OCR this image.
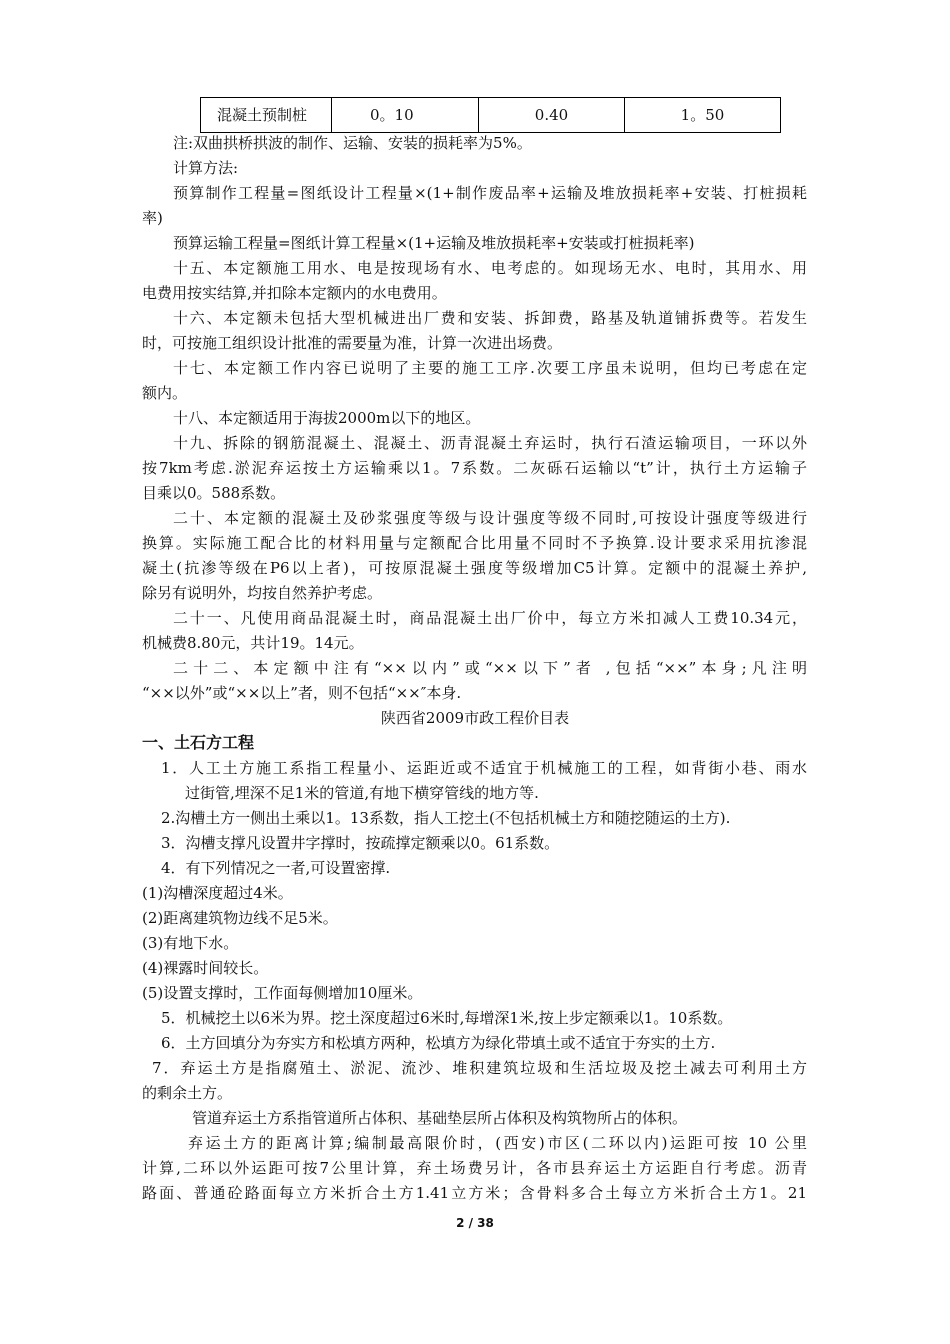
混凝土预制桩	0。10	0.40	1。50
注:双曲拱桥拱波的制作、运输、安装的损耗率为5%。
计算方法:
预算制作工程量=图纸设计工程量×(1+制作废品率+运输及堆放损耗率+安装、打桩损耗
率)
预算运输工程量=图纸计算工程量×(1+运输及堆放损耗率+安装或打桩损耗率)
十五、本定额施工用水、电是按现场有水、电考虑的。如现场无水、电时，其用水、用
电费用按实结算,并扣除本定额内的水电费用。
十六、本定额未包括大型机械进出厂费和安装、拆卸费，路基及轨道铺拆费等。若发生
时，可按施工组织设计批准的需要量为准，计算一次进出场费。
十七、本定额工作内容已说明了主要的施工工序.次要工序虽未说明，但均已考虑在定
额内。
十八、本定额适用于海拔2000m以下的地区。
十九、拆除的钢筋混凝土、混凝土、沥青混凝土弃运时，执行石渣运输项目，一环以外
按7km考虑.淤泥弃运按土方运输乘以1。7系数。二灰砾石运输以“t”计，执行土方运输子
目乘以0。588系数。
二十、本定额的混凝土及砂浆强度等级与设计强度等级不同时,可按设计强度等级进行
换算。实际施工配合比的材料用量与定额配合比用量不同时不予换算.设计要求采用抗渗混
凝土(抗渗等级在P6以上者)，可按原混凝土强度等级增加C5计算。定额中的混凝土养护,
除另有说明外，均按自然养护考虑。
二十一、凡使用商品混凝土时，商品混凝土出厂价中，每立方米扣减人工费10.34元，
机械费8.80元，共计19。14元。
二十二、本定额中注有“××以内”或“××以下”者 ,包括“××”本身;凡注明
“××以外”或“××以上”者，则不包括“××″本身.
陕西省2009市政工程价目表
一、土石方工程
1．人工土方施工系指工程量小、运距近或不适宜于机械施工的工程，如背街小巷、雨水
过街管,埋深不足1米的管道,有地下横穿管线的地方等.
2.沟槽土方一侧出土乘以1。13系数，指人工挖土(不包括机械土方和随挖随运的土方).
3．沟槽支撑凡设置井字撑时，按疏撑定额乘以0。61系数。
4．有下列情况之一者,可设置密撑.
(1)沟槽深度超过4米。
(2)距离建筑物边线不足5米。
(3)有地下水。
(4)裸露时间较长。
(5)设置支撑时，工作面每侧增加10厘米。
5．机械挖土以6米为界。挖土深度超过6米时,每增深1米,按上步定额乘以1。10系数。
6．土方回填分为夯实方和松填方两种，松填方为绿化带填土或不适宜于夯实的土方.
7．弃运土方是指腐殖土、淤泥、流沙、堆积建筑垃圾和生活垃圾及挖土减去可利用土方
的剩余土方。
管道弃运土方系指管道所占体积、基础垫层所占体积及构筑物所占的体积。
弃运土方的距离计算;编制最高限价时，(西安)市区(二环以内)运距可按 10 公里
计算,二环以外运距可按7公里计算，弃土场费另计，各市县弃运土方运距自行考虑。沥青
路面、普通砼路面每立方米折合土方1.41立方米；含骨料多合土每立方米折合土方1。21
2 / 38
